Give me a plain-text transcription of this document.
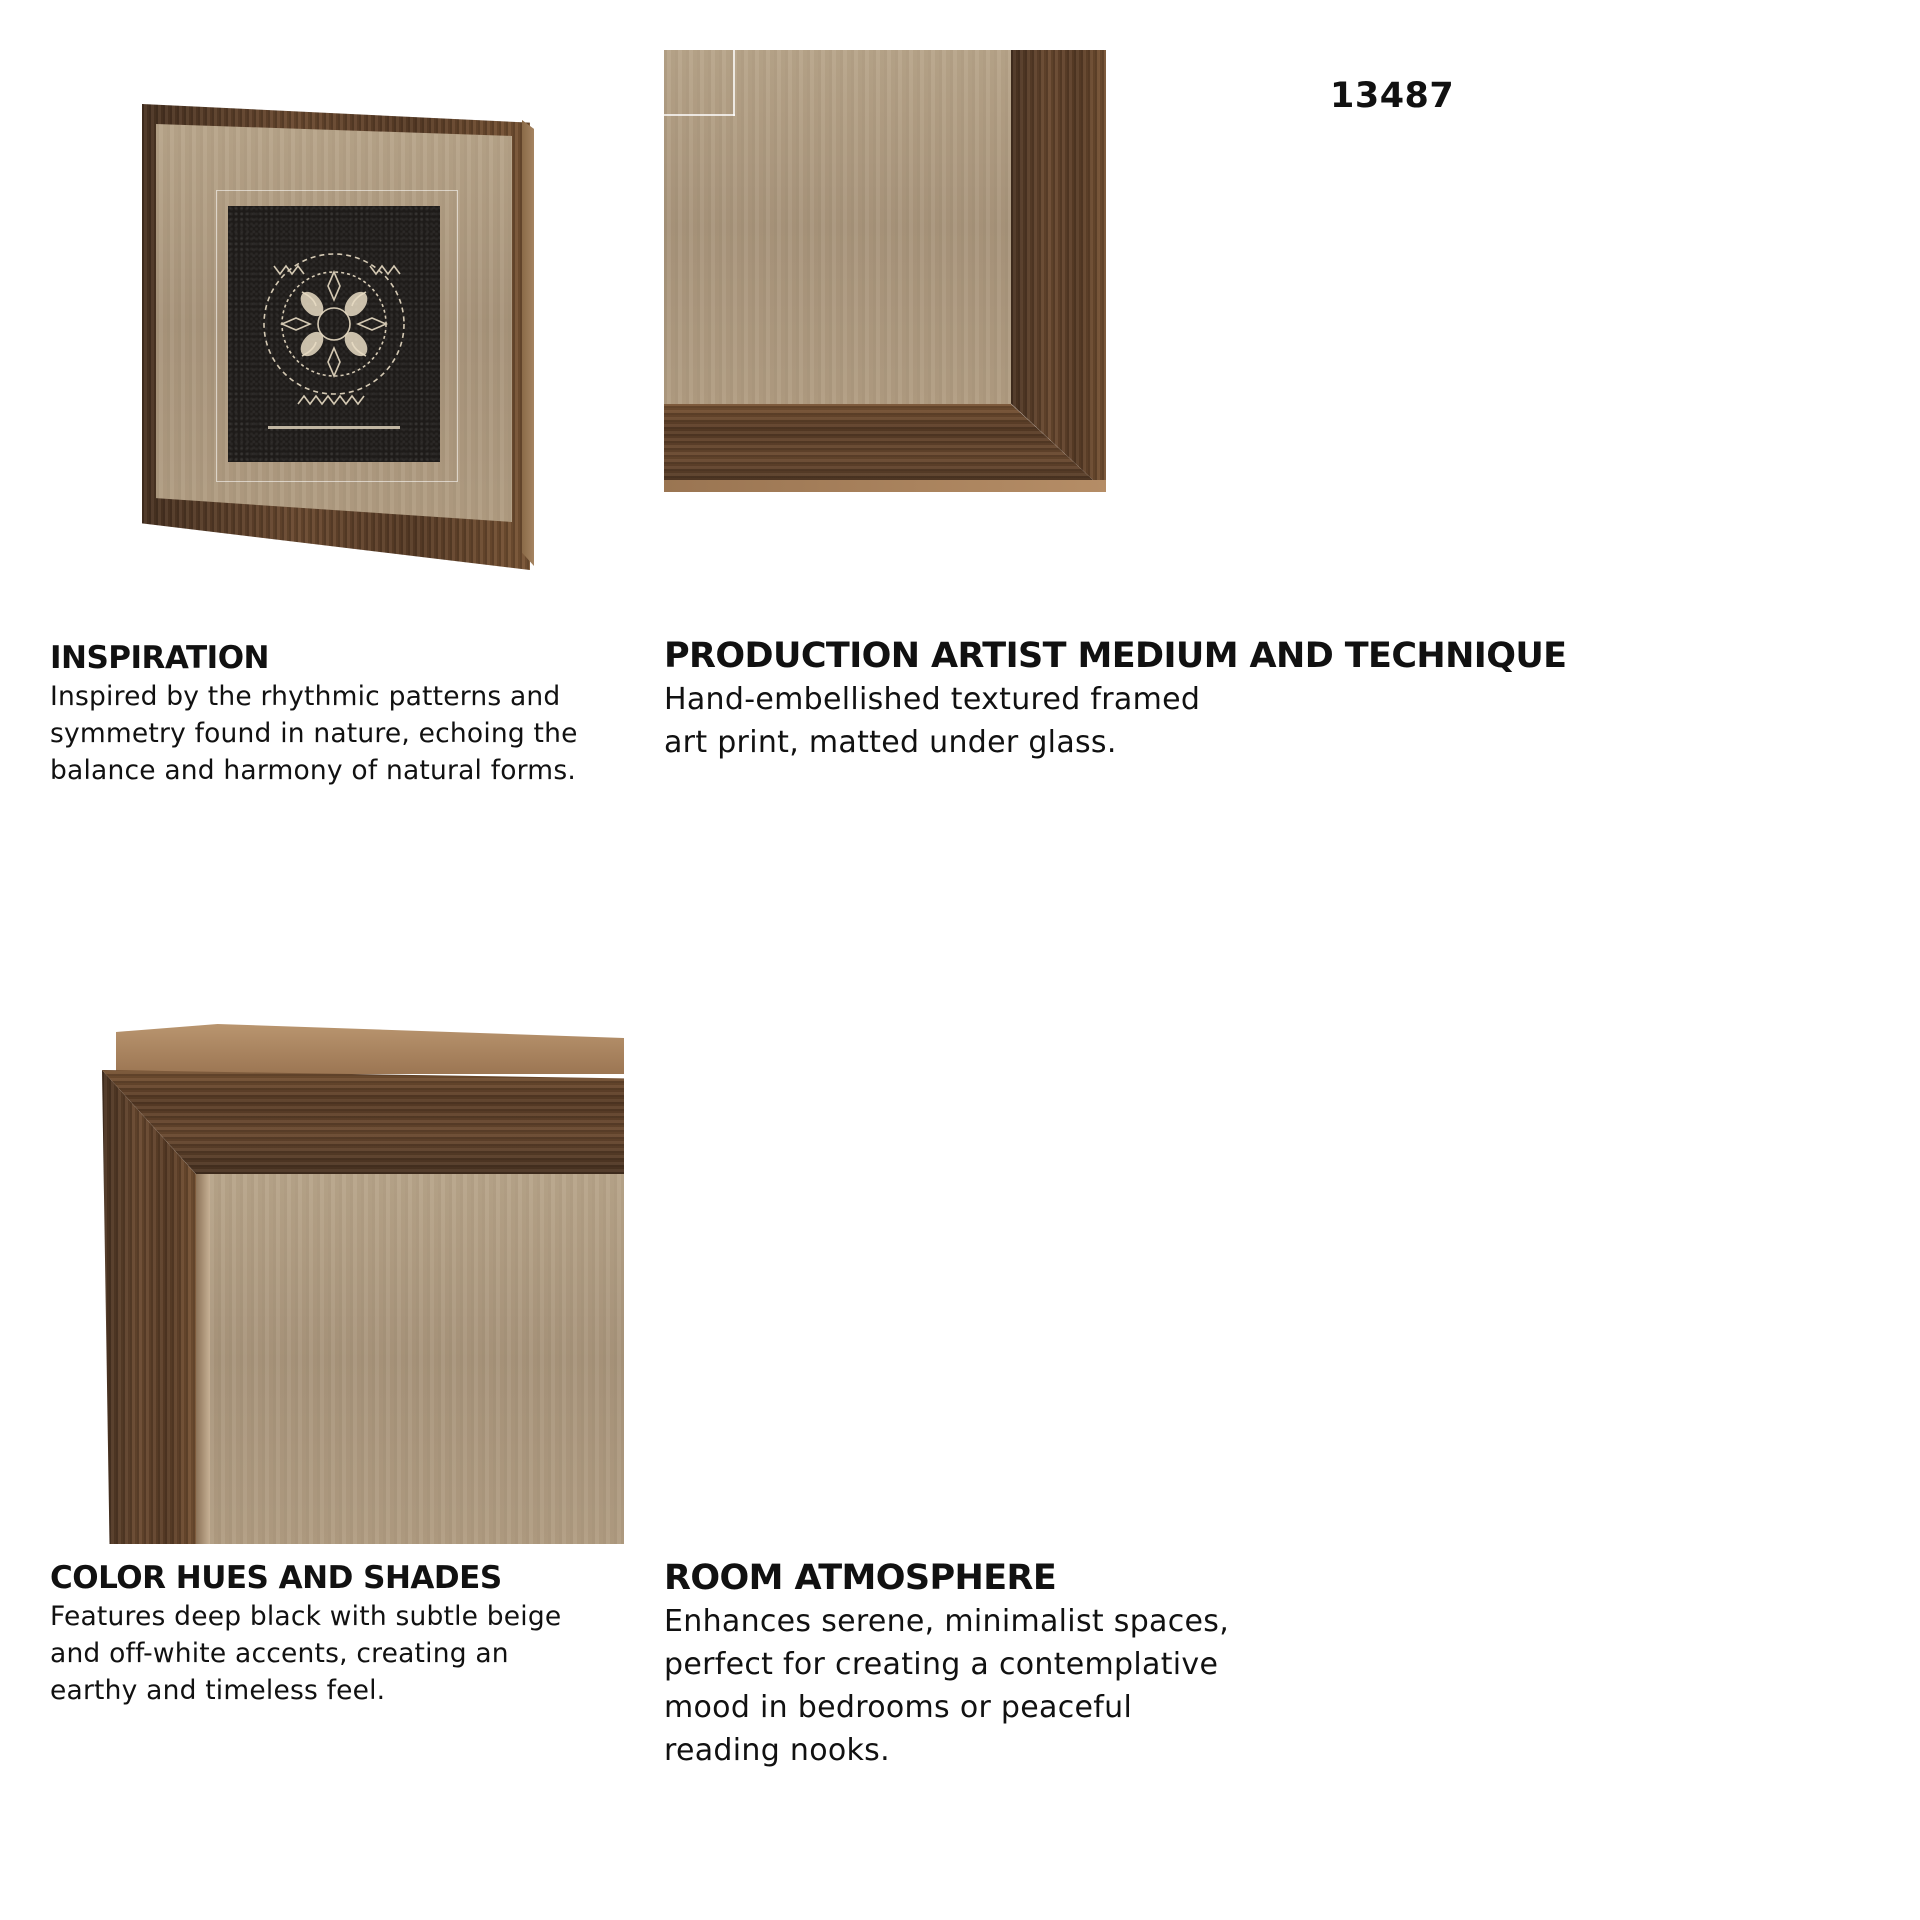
13487
INSPIRATION

Inspired by the rhythmic patterns and symmetry found in nature, echoing the balance and harmony of natural forms.

PRODUCTION ARTIST MEDIUM AND TECHNIQUE

Hand-embellished textured framed art print, matted under glass.

COLOR HUES AND SHADES

Features deep black with subtle beige and off-white accents, creating an earthy and timeless feel.

ROOM ATMOSPHERE

Enhances serene, minimalist spaces, perfect for creating a contemplative mood in bedrooms or peaceful reading nooks.
